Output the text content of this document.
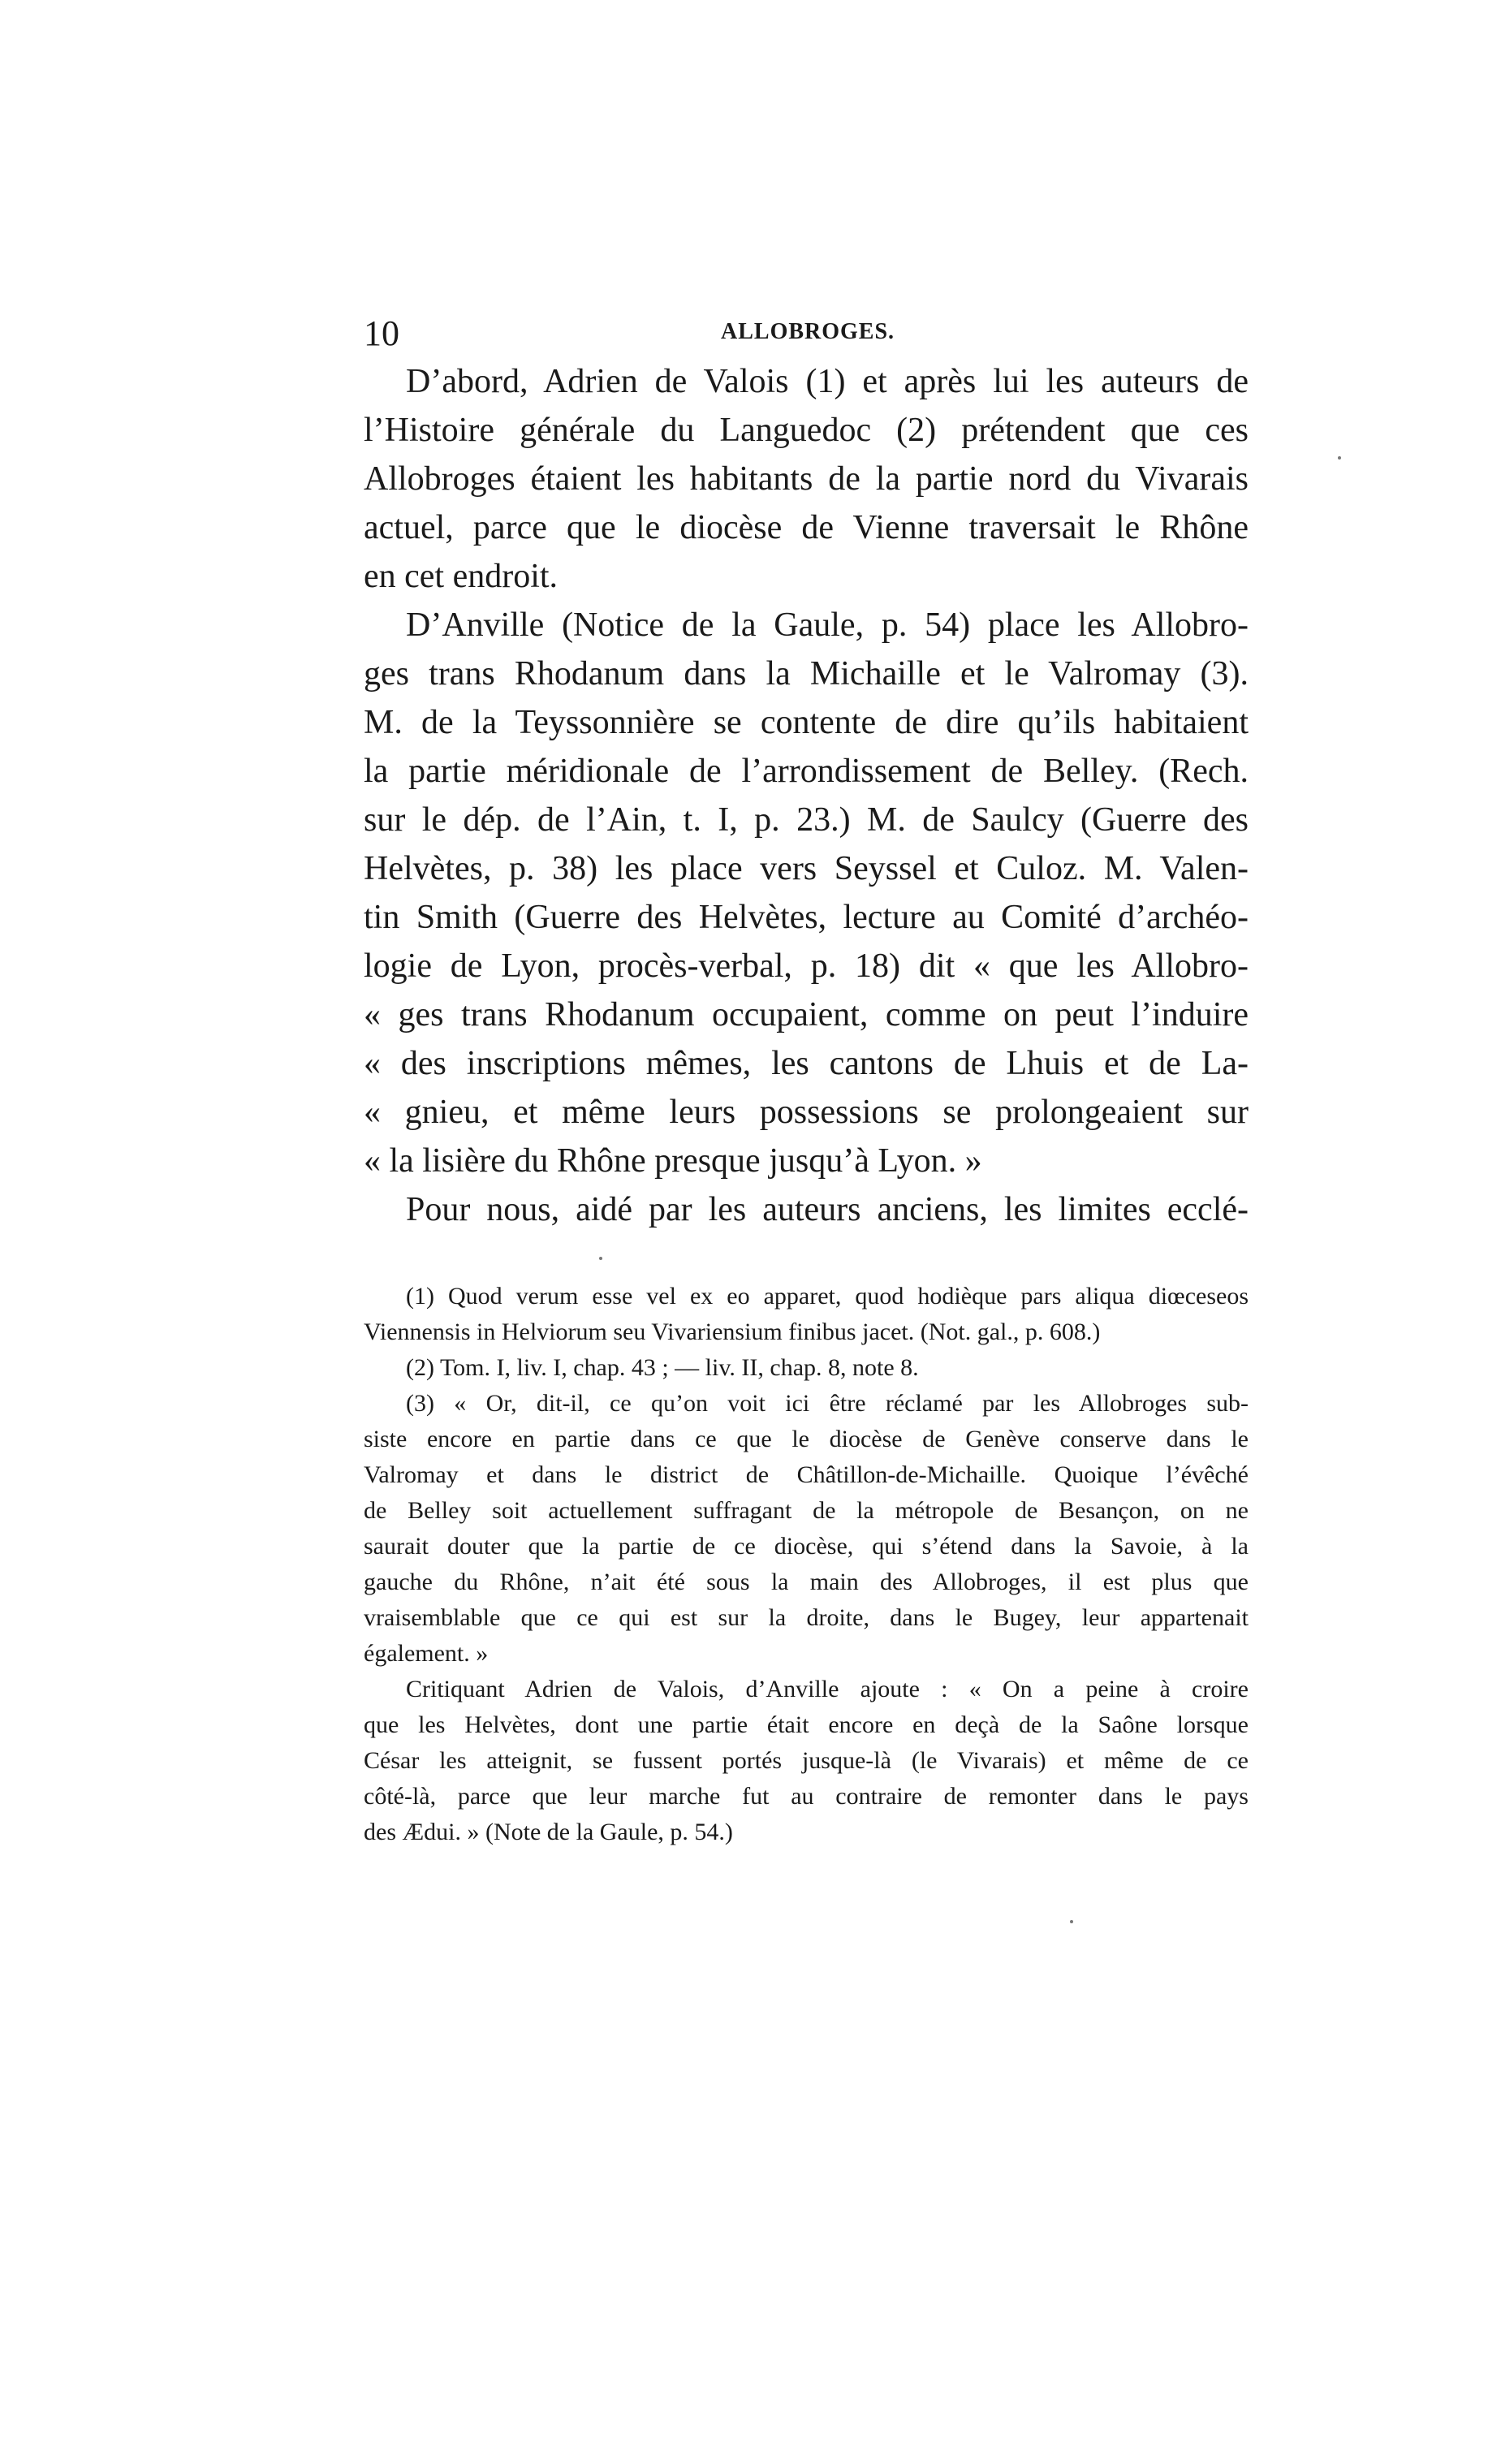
10	ALLOBROGES.
D’abord, Adrien de Valois (1) et après lui les auteurs de
l’Histoire générale du Languedoc (2) prétendent que ces
Allobroges étaient les habitants de la partie nord du Vivarais
actuel, parce que le diocèse de Vienne traversait le Rhône
en cet endroit.
D’Anville (Notice de la Gaule, p. 54) place les Allobro-
ges trans Rhodanum dans la Michaille et le Valromay (3).
M. de la Teyssonnière se contente de dire qu’ils habitaient
la partie méridionale de l’arrondissement de Belley. (Rech.
sur le dép. de l’Ain, t. I, p. 23.) M. de Saulcy (Guerre des
Helvètes, p. 38) les place vers Seyssel et Culoz. M. Valen-
tin Smith (Guerre des Helvètes, lecture au Comité d’archéo-
logie de Lyon, procès-verbal, p. 18) dit « que les Allobro-
« ges trans Rhodanum occupaient, comme on peut l’induire
« des inscriptions mêmes, les cantons de Lhuis et de La-
« gnieu, et même leurs possessions se prolongeaient sur
« la lisière du Rhône presque jusqu’à Lyon. »
Pour nous, aidé par les auteurs anciens, les limites ecclé-
(1) Quod verum esse vel ex eo apparet, quod hodièque pars aliqua diœceseos
Viennensis in Helviorum seu Vivariensium finibus jacet. (Not. gal., p. 608.)
(2) Tom. I, liv. I, chap. 43 ; — liv. II, chap. 8, note 8.
(3) « Or, dit-il, ce qu’on voit ici être réclamé par les Allobroges sub-
siste encore en partie dans ce que le diocèse de Genève conserve dans le
Valromay et dans le district de Châtillon-de-Michaille. Quoique l’évêché
de Belley soit actuellement suffragant de la métropole de Besançon, on ne
saurait douter que la partie de ce diocèse, qui s’étend dans la Savoie, à la
gauche du Rhône, n’ait été sous la main des Allobroges, il est plus que
vraisemblable que ce qui est sur la droite, dans le Bugey, leur appartenait
également. »
Critiquant Adrien de Valois, d’Anville ajoute : « On a peine à croire
que les Helvètes, dont une partie était encore en deçà de la Saône lorsque
César les atteignit, se fussent portés jusque-là (le Vivarais) et même de ce
côté-là, parce que leur marche fut au contraire de remonter dans le pays
des Ædui. » (Note de la Gaule, p. 54.)
